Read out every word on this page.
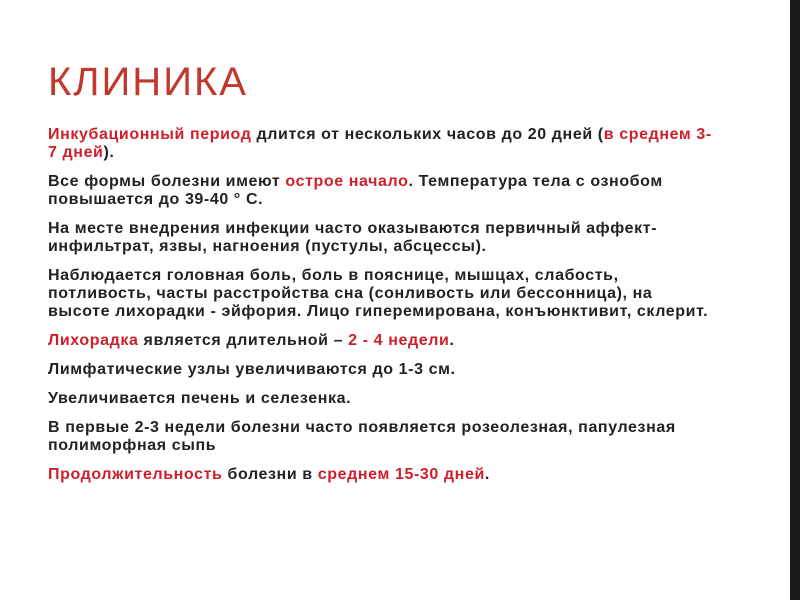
КЛИНИКА

Инкубационный период длится от нескольких часов до 20 дней (в среднем 3-7 дней).

Все формы болезни имеют острое начало. Температура тела с ознобом повышается до 39-40 ° С.

На месте внедрения инфекции часто оказываются первичный аффект-инфильтрат, язвы, нагноения (пустулы, абсцессы).

Наблюдается головная боль, боль в пояснице, мышцах, слабость, потливость, часты расстройства сна (сонливость или бессонница), на высоте лихорадки - эйфория. Лицо гиперемирована, конъюнктивит, склерит.

Лихорадка является длительной – 2 - 4 недели.

Лимфатические узлы увеличиваются до 1-3 см.

Увеличивается печень и селезенка.

В первые 2-3 недели болезни часто появляется розеолезная, папулезная полиморфная сыпь

Продолжительность болезни в среднем 15-30 дней.
